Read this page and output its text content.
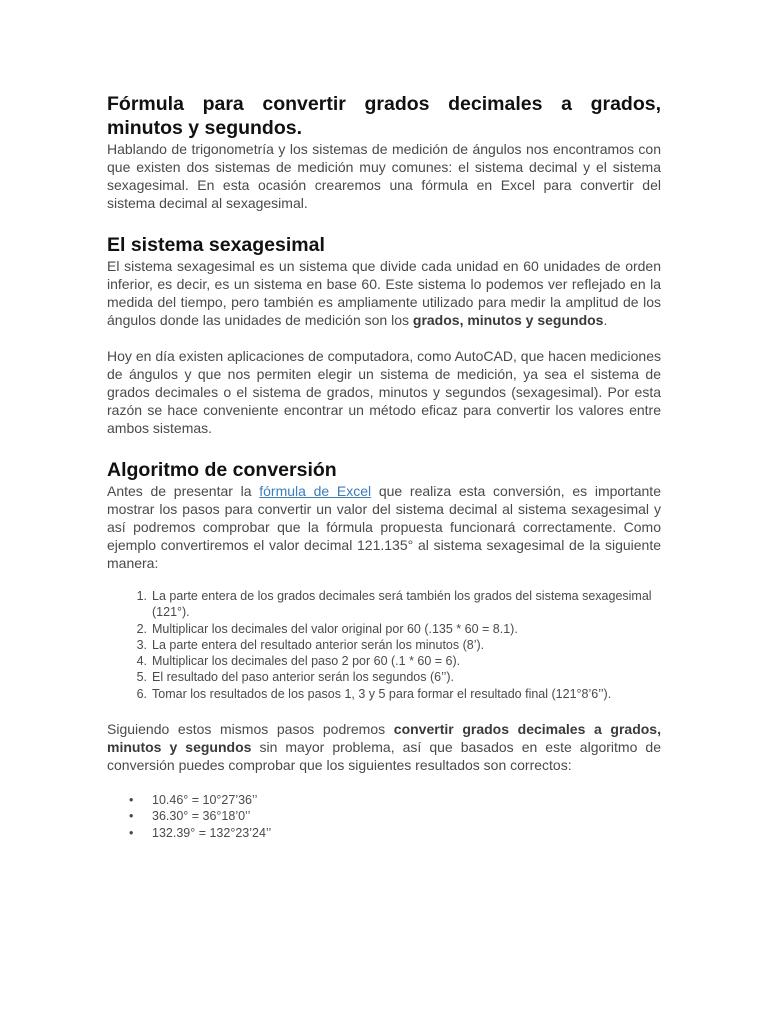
Fórmula para convertir grados decimales a grados, minutos y segundos.

Hablando de trigonometría y los sistemas de medición de ángulos nos encontramos con que existen dos sistemas de medición muy comunes: el sistema decimal y el sistema sexagesimal. En esta ocasión crearemos una fórmula en Excel para convertir del sistema decimal al sexagesimal.

El sistema sexagesimal

El sistema sexagesimal es un sistema que divide cada unidad en 60 unidades de orden inferior, es decir, es un sistema en base 60. Este sistema lo podemos ver reflejado en la medida del tiempo, pero también es ampliamente utilizado para medir la amplitud de los ángulos donde las unidades de medición son los grados, minutos y segundos.

Hoy en día existen aplicaciones de computadora, como AutoCAD, que hacen mediciones de ángulos y que nos permiten elegir un sistema de medición, ya sea el sistema de grados decimales o el sistema de grados, minutos y segundos (sexagesimal). Por esta razón se hace conveniente encontrar un método eficaz para convertir los valores entre ambos sistemas.

Algoritmo de conversión

Antes de presentar la fórmula de Excel que realiza esta conversión, es importante mostrar los pasos para convertir un valor del sistema decimal al sistema sexagesimal y así podremos comprobar que la fórmula propuesta funcionará correctamente. Como ejemplo convertiremos el valor decimal 121.135° al sistema sexagesimal de la siguiente manera:

1 . La parte entera de los grados decimales será también los grados del sistema sexagesimal (121°).
2 . Multiplicar los decimales del valor original por 60 (.135 * 60 = 8.1).
3 . La parte entera del resultado anterior serán los minutos (8’).
4 . Multiplicar los decimales del paso 2 por 60 (.1 * 60 = 6).
5 . El resultado del paso anterior serán los segundos (6’’).
6 . Tomar los resultados de los pasos 1, 3 y 5 para formar el resultado final (121°8’6’’).

Siguiendo estos mismos pasos podremos convertir grados decimales a grados, minutos y segundos sin mayor problema, así que basados en este algoritmo de conversión puedes comprobar que los siguientes resultados son correctos:

• 10.46° = 10°27’36’’
• 36.30° = 36°18’0’’
• 132.39° = 132°23’24’’
